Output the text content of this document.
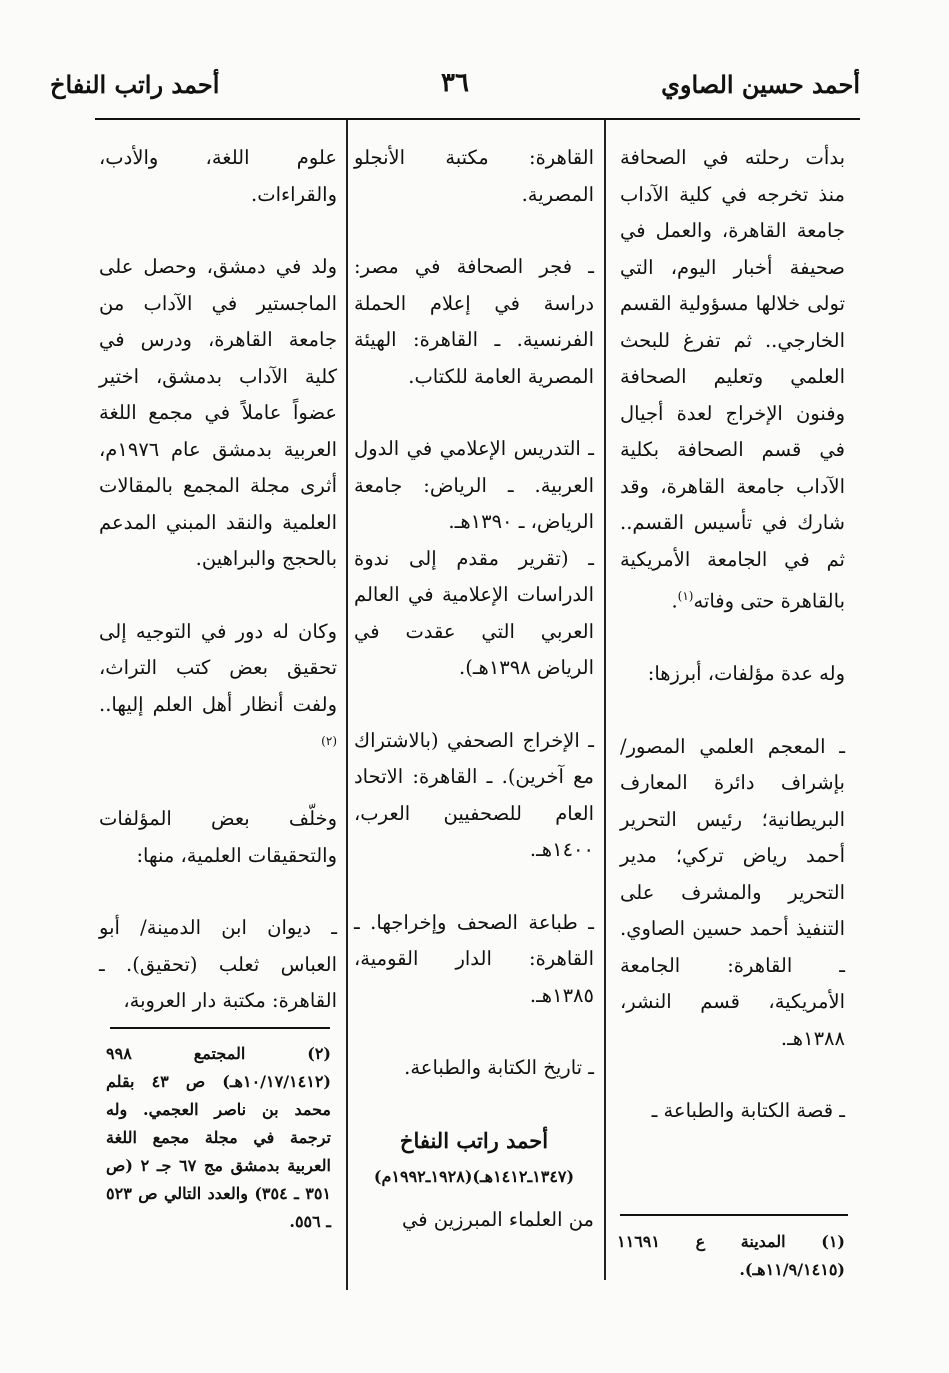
أحمد حسين الصاوي
٣٦
أحمد راتب النفاخ

بدأت رحلته في الصحافة منذ تخرجه في كلية الآداب جامعة القاهرة، والعمل في صحيفة أخبار اليوم، التي تولى خلالها مسؤولية القسم الخارجي.. ثم تفرغ للبحث العلمي وتعليم الصحافة وفنون الإخراج لعدة أجيال في قسم الصحافة بكلية الآداب جامعة القاهرة، وقد شارك في تأسيس القسم.. ثم في الجامعة الأمريكية بالقاهرة حتى وفاته$^{(١)}$.

وله عدة مؤلفات، أبرزها:

ـ المعجم العلمي المصور/ بإشراف دائرة المعارف البريطانية؛ رئيس التحرير أحمد رياض تركي؛ مدير التحرير والمشرف على التنفيذ أحمد حسين الصاوي. ـ القاهرة: الجامعة الأمريكية، قسم النشر، ١٣٨٨هـ.

ـ قصة الكتابة والطباعة ـ

القاهرة: مكتبة الأنجلو المصرية.

ـ فجر الصحافة في مصر: دراسة في إعلام الحملة الفرنسية. ـ القاهرة: الهيئة المصرية العامة للكتاب.

ـ التدريس الإعلامي في الدول العربية. ـ الرياض: جامعة الرياض، ـ ١٣٩٠هـ.

ـ (تقرير مقدم إلى ندوة الدراسات الإعلامية في العالم العربي التي عقدت في الرياض ١٣٩٨هـ).

ـ الإخراج الصحفي (بالاشتراك مع آخرين). ـ القاهرة: الاتحاد العام للصحفيين العرب، ١٤٠٠هـ.

ـ طباعة الصحف وإخراجها. ـ القاهرة: الدار القومية، ١٣٨٥هـ.

ـ تاريخ الكتابة والطباعة.

أحمد راتب النفاخ
(١٣٤٧ـ١٤١٢هـ)(١٩٢٨ـ١٩٩٢م)

من العلماء المبرزين في

علوم اللغة، والأدب، والقراءات.

ولد في دمشق، وحصل على الماجستير في الآداب من جامعة القاهرة، ودرس في كلية الآداب بدمشق، اختير عضواً عاملاً في مجمع اللغة العربية بدمشق عام ١٩٧٦م، أثرى مجلة المجمع بالمقالات العلمية والنقد المبني المدعم بالحجج والبراهين.

وكان له دور في التوجيه إلى تحقيق بعض كتب التراث، ولفت أنظار أهل العلم إليها..$^{(٢)}$

وخلّف بعض المؤلفات والتحقيقات العلمية، منها:

ـ ديوان ابن الدمينة/ أبو العباس ثعلب (تحقيق). ـ القاهرة: مكتبة دار العروبة،

(١) المدينة ع ١١٦٩١ (١١/٩/١٤١٥هـ).
(٢) المجتمع ٩٩٨ (١٠/١٧/١٤١٢هـ) ص ٤٣ بقلم محمد بن ناصر العجمي. وله ترجمة في مجلة مجمع اللغة العربية بدمشق مج ٦٧ جـ ٢ (ص ٣٥١ ـ ٣٥٤) والعدد التالي ص ٥٢٣ ـ ٥٥٦.
